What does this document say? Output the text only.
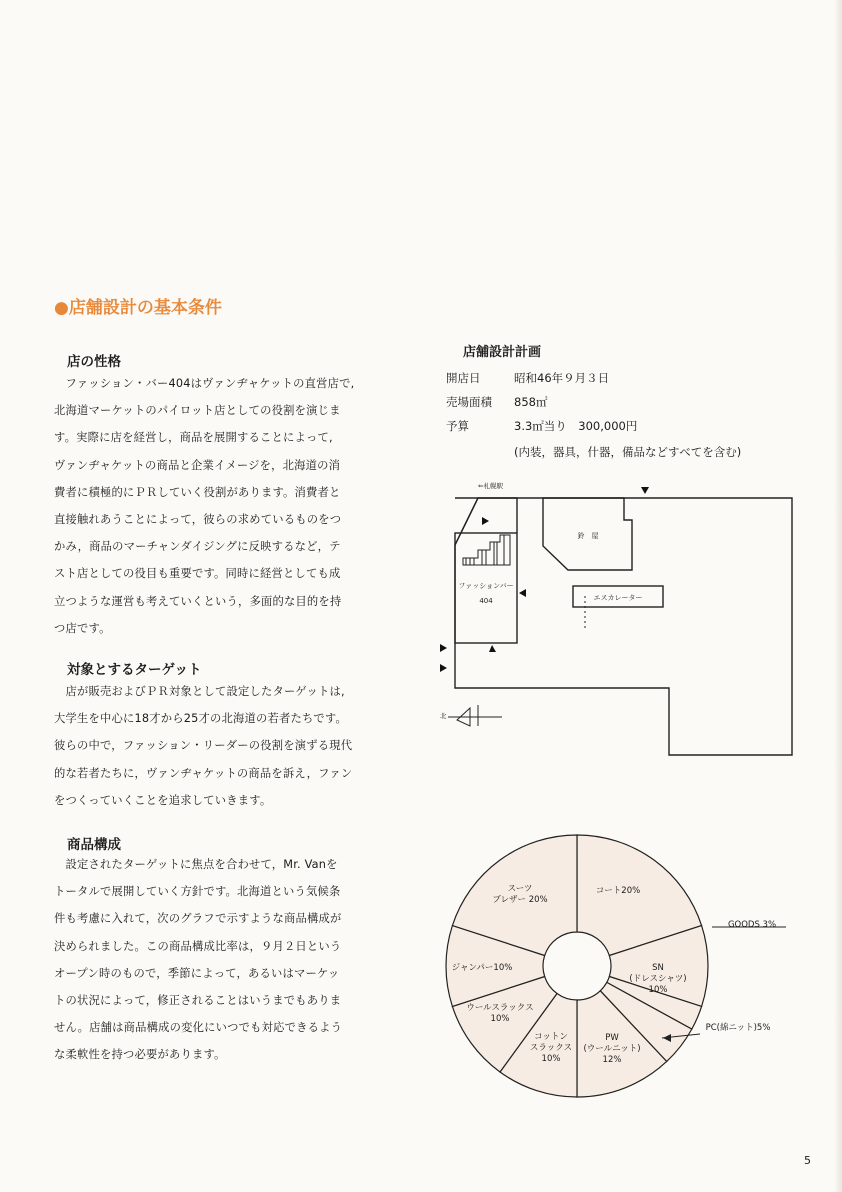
●店舗設計の基本条件
店の性格

　ファッション・バー404はヴァンヂャケットの直営店で,

北海道マーケットのパイロット店としての役割を演じま

す。実際に店を経営し，商品を展開することによって,

ヴァンヂャケットの商品と企業イメージを，北海道の消

費者に積極的にＰＲしていく役割があります。消費者と

直接触れあうことによって，彼らの求めているものをつ

かみ，商品のマーチャンダイジングに反映するなど，テ

スト店としての役目も重要です。同時に経営としても成

立つような運営も考えていくという，多面的な目的を持

つ店です。

対象とするターゲット

　店が販売およびＰＲ対象として設定したターゲットは,

大学生を中心に18才から25才の北海道の若者たちです。

彼らの中で，ファッション・リーダーの役割を演ずる現代

的な若者たちに，ヴァンヂャケットの商品を訴え，ファン

をつくっていくことを追求していきます。

商品構成

　設定されたターゲットに焦点を合わせて，Mr. Vanを

トータルで展開していく方針です。北海道という気候条

件も考慮に入れて，次のグラフで示すような商品構成が

決められました。この商品構成比率は，９月２日という

オープン時のもので，季節によって，あるいはマーケッ

トの状況によって，修正されることはいうまでもありま

せん。店舗は商品構成の変化にいつでも対応できるよう

な柔軟性を持つ必要があります。

店舗設計計画
開店日	昭和46年９月３日
売場面積 858㎡
予算	3.3㎡当り　300,000円
(内装，器具，什器，備品などすべてを含む)
⇐札幌駅
ファッションバー
404
鈴　屋
エスカレーター
北
コート20%
SN (ドレスシャツ) 10%
GOODS 3%
PC(綿ニット)5%
PW (ウールニット) 12%
コットンスラックス 10%
ウールスラックス 10%
ジャンパー10%
スーツブレザー 20%
5
